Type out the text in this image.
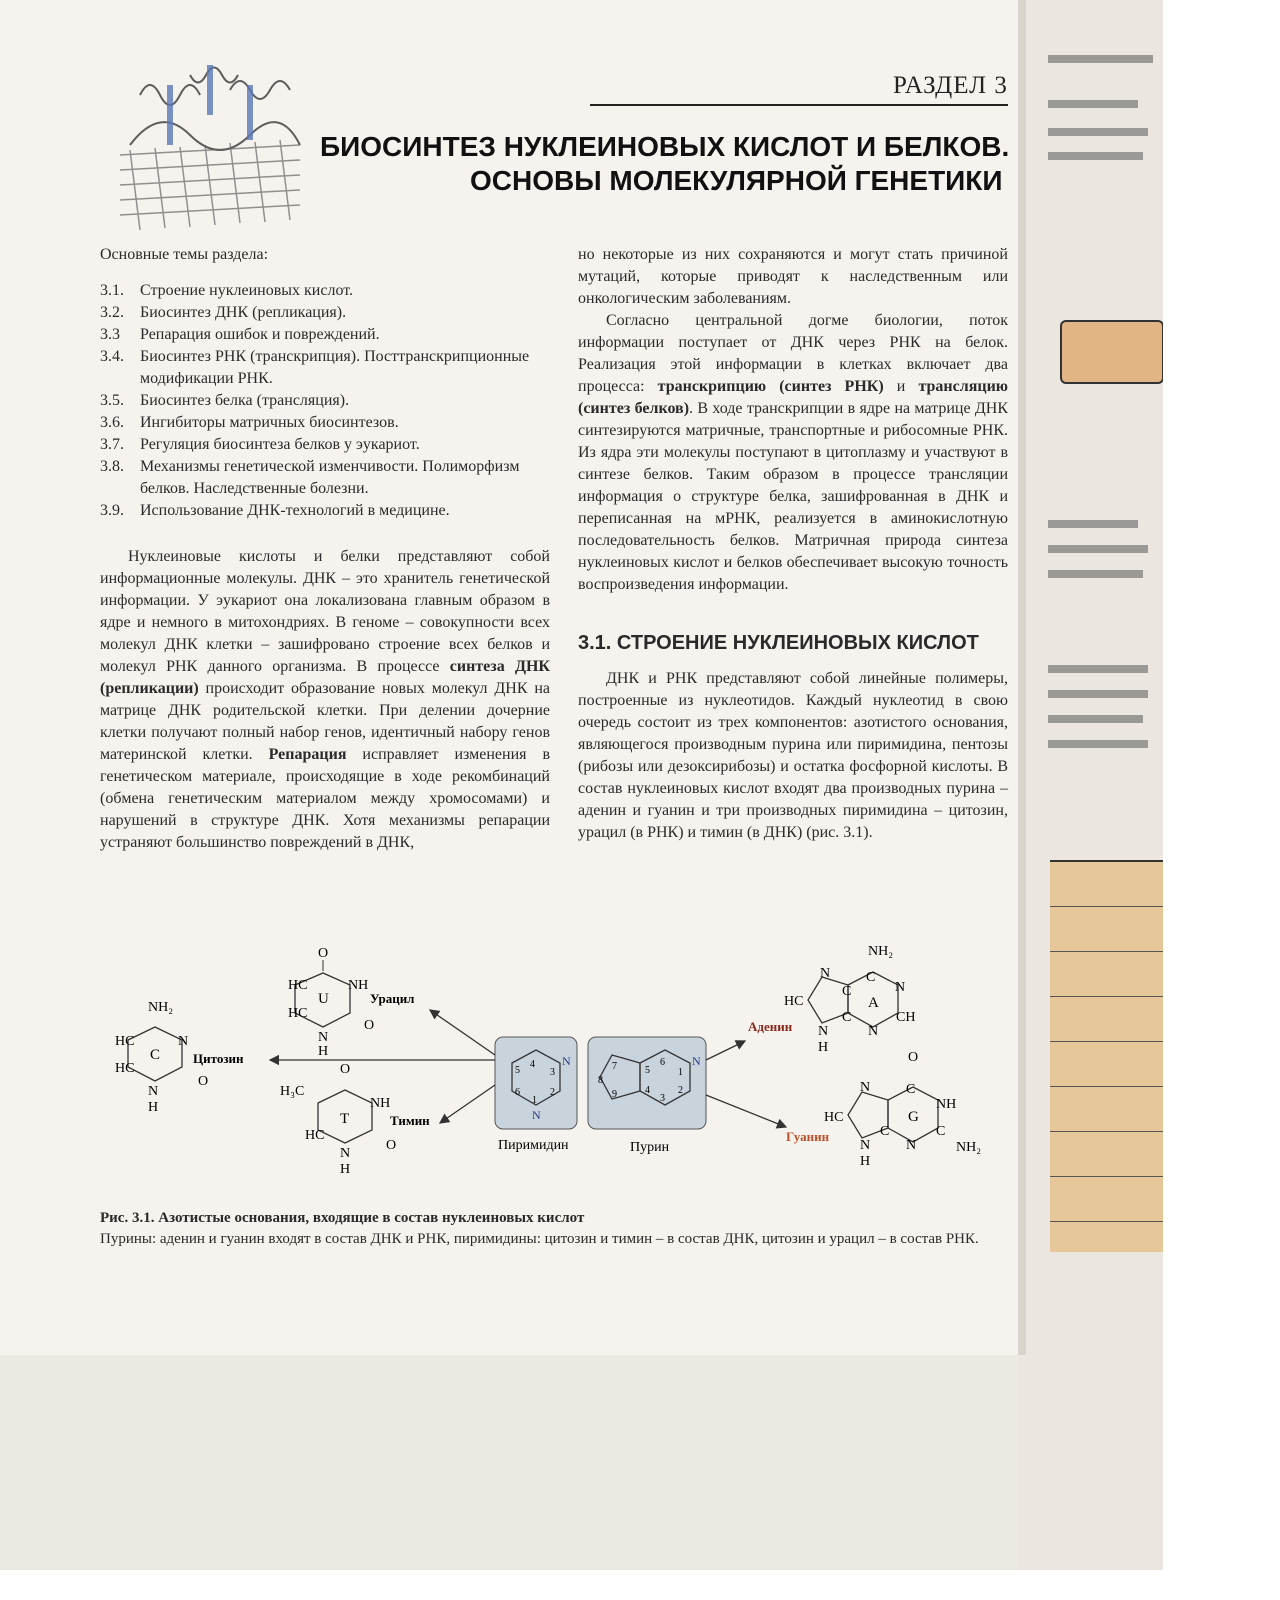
РАЗДЕЛ 3
БИОСИНТЕЗ НУКЛЕИНОВЫХ КИСЛОТ И БЕЛКОВ.
ОСНОВЫ МОЛЕКУЛЯРНОЙ ГЕНЕТИКИ
Основные темы раздела:
3.1.	Строение нуклеиновых кислот.
3.2.	Биосинтез ДНК (репликация).
3.3	Репарация ошибок и повреждений.
3.4.	Биосинтез РНК (транскрипция). Посттранскрипционные модификации РНК.
3.5.	Биосинтез белка (трансляция).
3.6.	Ингибиторы матричных биосинтезов.
3.7.	Регуляция биосинтеза белков у эукариот.
3.8.	Механизмы генетической изменчивости. Полиморфизм белков. Наследственные болезни.
3.9.	Использование ДНК-технологий в медицине.

Нуклеиновые кислоты и белки представляют собой информационные молекулы. ДНК – это хранитель генетической информации. У эукариот она локализована главным образом в ядре и немного в митохондриях. В геноме – совокупности всех молекул ДНК клетки – зашифровано строение всех белков и молекул РНК данного организма. В процессе синтеза ДНК (репликации) происходит образование новых молекул ДНК на матрице ДНК родительской клетки. При делении дочерние клетки получают полный набор генов, идентичный набору генов материнской клетки. Репарация исправляет изменения в генетическом материале, происходящие в ходе рекомбинаций (обмена генетическим материалом между хромосомами) и нарушений в структуре ДНК. Хотя механизмы репарации устраняют большинство повреждений в ДНК,

но некоторые из них сохраняются и могут стать причиной мутаций, которые приводят к наследственным или онкологическим заболеваниям.

Согласно центральной догме биологии, поток информации поступает от ДНК через РНК на белок. Реализация этой информации в клетках включает два процесса: транскрипцию (синтез РНК) и трансляцию (синтез белков). В ходе транскрипции в ядре на матрице ДНК синтезируются матричные, транспортные и рибосомные РНК. Из ядра эти молекулы поступают в цитоплазму и участвуют в синтезе белков. Таким образом в процессе трансляции информация о структуре белка, зашифрованная в ДНК и переписанная на мРНК, реализуется в аминокислотную последовательность белков. Матричная природа синтеза нуклеиновых кислот и белков обеспечивает высокую точность воспроизведения информации.

3.1. СТРОЕНИЕ НУКЛЕИНОВЫХ КИСЛОТ

ДНК и РНК представляют собой линейные полимеры, построенные из нуклеотидов. Каждый нуклеотид в свою очередь состоит из трех компонентов: азотистого основания, являющегося производным пурина или пиримидина, пентозы (рибозы или дезоксирибозы) и остатка фосфорной кислоты. В состав нуклеиновых кислот входят два производных пурина – аденин и гуанин и три производных пиримидина – цитозин, урацил (в РНК) и тимин (в ДНК) (рис. 3.1).

O
HC
HC
NH
U
N
H
O
Урацил
NH₂
HC
HC
N
C
N
H
O
Цитозин
O
H₃C
NH
T
HC
N
H
O
Тимин
4
5	3
6	2
1
N
N
Пиримидин
5
6
1
2
3
4
7
8
9
N
Пурин
NH₂
N	C
N
C
A
HC
C
N
CH
N
H
Аденин
O
N	C
NH
G
HC
C
N
C
NH₂
N
H
Гуанин
Рис. 3.1. Азотистые основания, входящие в состав нуклеиновых кислот
Пурины: аденин и гуанин входят в состав ДНК и РНК, пиримидины: цитозин и тимин – в состав ДНК, цитозин и урацил – в состав РНК.
